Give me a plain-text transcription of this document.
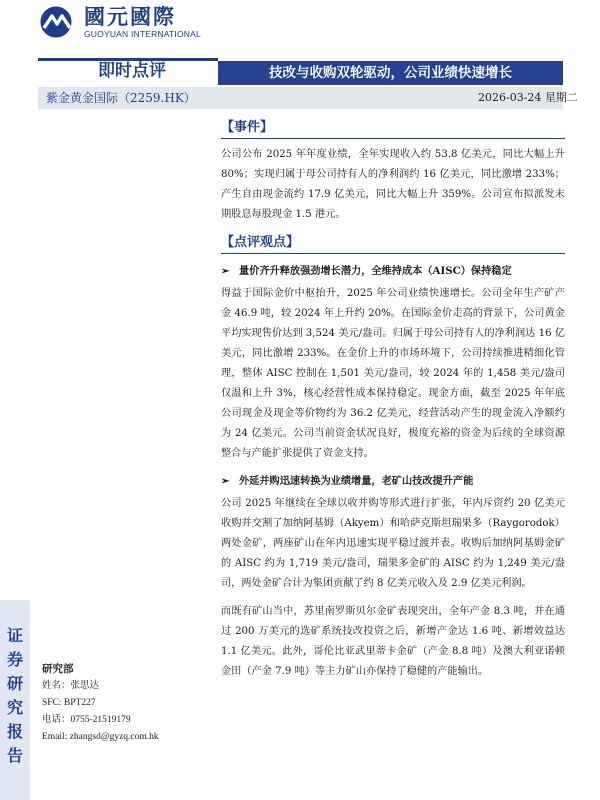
证
券
研
究
报
告
國元國際
GUOYUAN INTERNATIONAL
即时点评	技改与收购双轮驱动，公司业绩快速增长
紫金黄金国际（2259.HK）	2026-03-24 星期二
【事件】

公司公布 2025 年年度业绩，全年实现收入约 53.8 亿美元，同比大幅上升 80%；实现归属于母公司持有人的净利润约 16 亿美元，同比激增 233%；产生自由现金流约 17.9 亿美元，同比大幅上升 359%。公司宣布拟派发末期股息每股现金 1.5 港元。

【点评观点】
➢ 量价齐升释放强劲增长潜力，全维持成本（AISC）保持稳定

得益于国际金价中枢抬升，2025 年公司业绩快速增长。公司全年生产矿产金 46.9 吨，较 2024 年上升约 20%。在国际金价走高的背景下，公司黄金平均实现售价达到 3,524 美元/盎司。归属于母公司持有人的净利润达 16 亿美元，同比激增 233%。在金价上升的市场环境下，公司持续推进精细化管理，整体 AISC 控制在 1,501 美元/盎司，较 2024 年的 1,458 美元/盎司仅温和上升 3%，核心经营性成本保持稳定。现金方面，截至 2025 年年底公司现金及现金等价物约为 36.2 亿美元，经营活动产生的现金流入净额约为 24 亿美元。公司当前资金状况良好，极度充裕的资金为后续的全球资源整合与产能扩张提供了资金支持。

➢ 外延并购迅速转换为业绩增量，老矿山技改提升产能

公司 2025 年继续在全球以收并购等形式进行扩张，年内斥资约 20 亿美元收购并交割了加纳阿基姆（Akyem）和哈萨克斯坦瑞果多（Raygorodok）两处金矿，两座矿山在年内迅速实现平稳过渡并表。收购后加纳阿基姆金矿的 AISC 约为 1,719 美元/盎司，瑞果多金矿的 AISC 约为 1,249 美元/盎司，两处金矿合计为集团贡献了约 8 亿美元收入及 2.9 亿美元利润。

而既有矿山当中，苏里南罗斯贝尔金矿表现突出，全年产金 8.3 吨，并在通过 200 万美元的选矿系统技改投资之后，新增产金达 1.6 吨、新增效益达 1.1 亿美元。此外，哥伦比亚武里蒂卡金矿（产金 8.8 吨）及澳大利亚诺顿金田（产金 7.9 吨）等主力矿山亦保持了稳健的产能输出。

研究部
姓名：张思达
SFC: BPT227
电话：0755-21519179
Email: zhangsd@gyzq.com.hk
